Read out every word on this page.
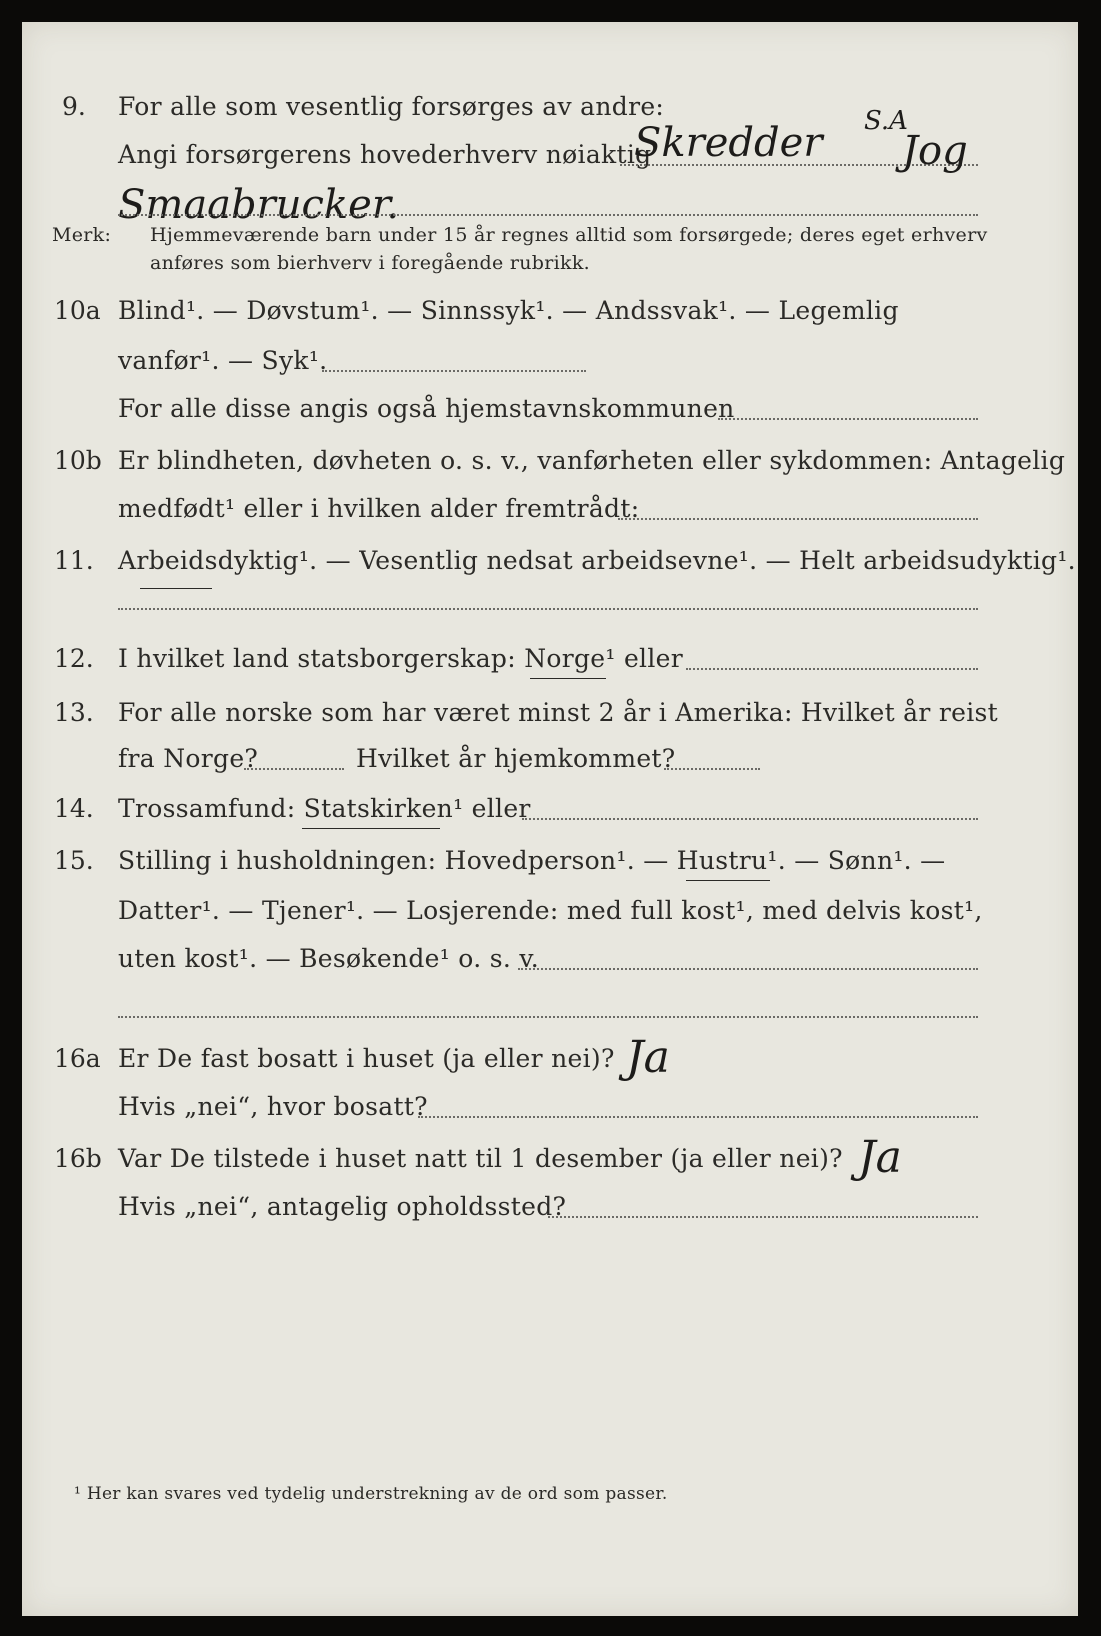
9. For alle som vesentlig forsørges av andre:
Angi forsørgerens hovederhverv nøiaktig
Skredder S.A
Jog
Smaabrucker.
Merk: Hjemmeværende barn under 15 år regnes alltid som forsørgede; deres eget erhverv
anføres som bierhverv i foregående rubrikk.
10a Blind¹. — Døvstum¹. — Sinnssyk¹. — Andssvak¹. — Legemlig
vanfør¹. — Syk¹.
For alle disse angis også hjemstavnskommunen
10b Er blindheten, døvheten o. s. v., vanførheten eller sykdommen: Antagelig
medfødt¹ eller i hvilken alder fremtrådt:
11. Arbeidsdyktig¹. — Vesentlig nedsat arbeidsevne¹. — Helt arbeidsudyktig¹.
12. I hvilket land statsborgerskap: Norge¹ eller
13. For alle norske som har været minst 2 år i Amerika: Hvilket år reist
fra Norge?	Hvilket år hjemkommet?
14. Trossamfund: Statskirken¹ eller
15. Stilling i husholdningen: Hovedperson¹. — Hustru¹. — Sønn¹. —
Datter¹. — Tjener¹. — Losjerende: med full kost¹, med delvis kost¹,
uten kost¹. — Besøkende¹ o. s. v.
16a Er De fast bosatt i huset (ja eller nei)? Ja
Hvis „nei“, hvor bosatt?
16b Var De tilstede i huset natt til 1 desember (ja eller nei)? Ja
Hvis „nei“, antagelig opholdssted?
¹ Her kan svares ved tydelig understrekning av de ord som passer.
